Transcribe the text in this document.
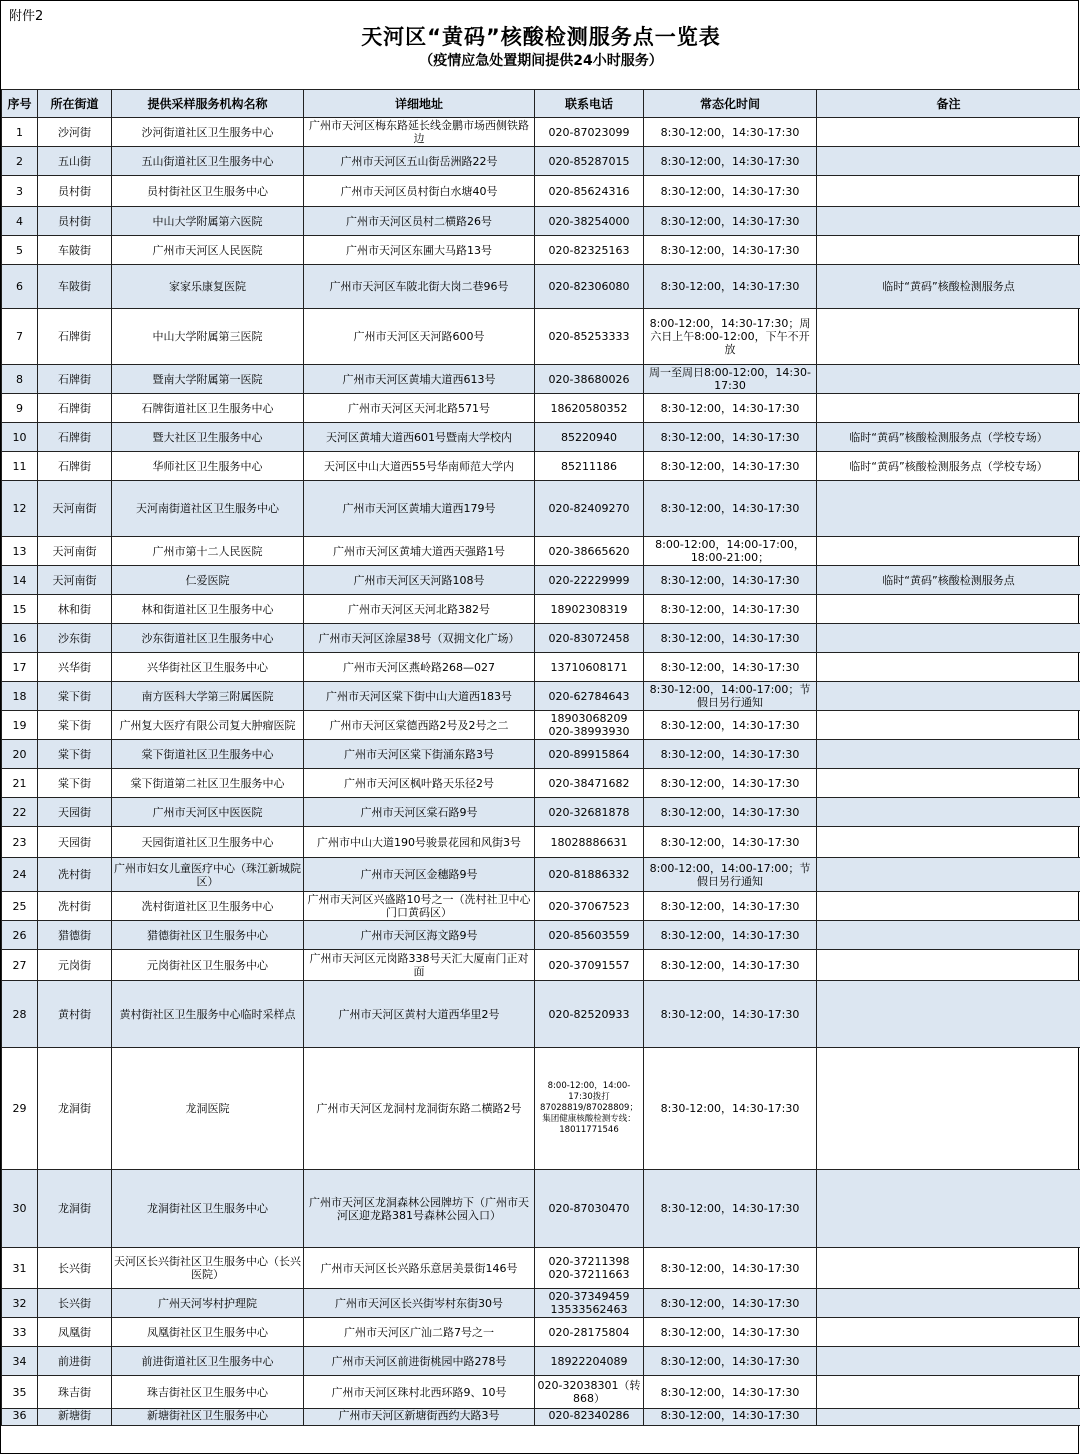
附件2
天河区“黄码”核酸检测服务点一览表
（疫情应急处置期间提供24小时服务）
序号	所在街道	提供采样服务机构名称	详细地址	联系电话	常态化时间	备注
1	沙河街	沙河街道社区卫生服务中心	广州市天河区梅东路延长线金鹏市场西侧铁路边	020-87023099	8:30-12:00，14:30-17:30	
2	五山街	五山街道社区卫生服务中心	广州市天河区五山街岳洲路22号	020-85287015	8:30-12:00，14:30-17:30	
3	员村街	员村街社区卫生服务中心	广州市天河区员村街白水塘40号	020-85624316	8:30-12:00，14:30-17:30	
4	员村街	中山大学附属第六医院	广州市天河区员村二横路26号	020-38254000	8:30-12:00，14:30-17:30	
5	车陂街	广州市天河区人民医院	广州市天河区东圃大马路13号	020-82325163	8:30-12:00，14:30-17:30	
6	车陂街	家家乐康复医院	广州市天河区车陂北街大岗二巷96号	020-82306080	8:30-12:00，14:30-17:30	临时“黄码”核酸检测服务点
7	石牌街	中山大学附属第三医院	广州市天河区天河路600号	020-85253333	8:00-12:00，14:30-17:30；周六日上午8:00-12:00，下午不开放	
8	石牌街	暨南大学附属第一医院	广州市天河区黄埔大道西613号	020-38680026	周一至周日8:00-12:00，14:30-17:30	
9	石牌街	石牌街道社区卫生服务中心	广州市天河区天河北路571号	18620580352	8:30-12:00，14:30-17:30	
10	石牌街	暨大社区卫生服务中心	天河区黄埔大道西601号暨南大学校内	85220940	8:30-12:00，14:30-17:30	临时“黄码”核酸检测服务点（学校专场）
11	石牌街	华师社区卫生服务中心	天河区中山大道西55号华南师范大学内	85211186	8:30-12:00，14:30-17:30	临时“黄码”核酸检测服务点（学校专场）
12	天河南街	天河南街道社区卫生服务中心	广州市天河区黄埔大道西179号	020-82409270	8:30-12:00，14:30-17:30	
13	天河南街	广州市第十二人民医院	广州市天河区黄埔大道西天强路1号	020-38665620	8:00-12:00，14:00-17:00，18:00-21:00；	
14	天河南街	仁爱医院	广州市天河区天河路108号	020-22229999	8:30-12:00，14:30-17:30	临时“黄码”核酸检测服务点
15	林和街	林和街道社区卫生服务中心	广州市天河区天河北路382号	18902308319	8:30-12:00，14:30-17:30	
16	沙东街	沙东街道社区卫生服务中心	广州市天河区涂屋38号（双拥文化广场）	020-83072458	8:30-12:00，14:30-17:30	
17	兴华街	兴华街社区卫生服务中心	广州市天河区燕岭路268—027	13710608171	8:30-12:00，14:30-17:30	
18	棠下街	南方医科大学第三附属医院	广州市天河区棠下街中山大道西183号	020-62784643	8:30-12:00，14:00-17:00；节假日另行通知	
19	棠下街	广州复大医疗有限公司复大肿瘤医院	广州市天河区棠德西路2号及2号之二	18903068209 020-38993930	8:30-12:00，14:30-17:30	
20	棠下街	棠下街道社区卫生服务中心	广州市天河区棠下街涌东路3号	020-89915864	8:30-12:00，14:30-17:30	
21	棠下街	棠下街道第二社区卫生服务中心	广州市天河区枫叶路天乐径2号	020-38471682	8:30-12:00，14:30-17:30	
22	天园街	广州市天河区中医医院	广州市天河区棠石路9号	020-32681878	8:30-12:00，14:30-17:30	
23	天园街	天园街道社区卫生服务中心	广州市中山大道190号骏景花园和风街3号	18028886631	8:30-12:00，14:30-17:30	
24	冼村街	广州市妇女儿童医疗中心（珠江新城院区）	广州市天河区金穗路9号	020-81886332	8:00-12:00，14:00-17:00；节假日另行通知	
25	冼村街	冼村街道社区卫生服务中心	广州市天河区兴盛路10号之一（冼村社卫中心门口黄码区）	020-37067523	8:30-12:00，14:30-17:30	
26	猎德街	猎德街社区卫生服务中心	广州市天河区海文路9号	020-85603559	8:30-12:00，14:30-17:30	
27	元岗街	元岗街社区卫生服务中心	广州市天河区元岗路338号天汇大厦南门正对面	020-37091557	8:30-12:00，14:30-17:30	
28	黄村街	黄村街社区卫生服务中心临时采样点	广州市天河区黄村大道西华里2号	020-82520933	8:30-12:00，14:30-17:30	
29	龙洞街	龙洞医院	广州市天河区龙洞村龙洞街东路二横路2号	8:00-12:00，14:00-17:30拨打87028819/87028809；集团健康核酸检测专线：18011771546	8:30-12:00，14:30-17:30	
30	龙洞街	龙洞街社区卫生服务中心	广州市天河区龙洞森林公园牌坊下（广州市天河区迎龙路381号森林公园入口）	020-87030470	8:30-12:00，14:30-17:30	
31	长兴街	天河区长兴街社区卫生服务中心（长兴医院）	广州市天河区长兴路乐意居美景街146号	020-37211398 020-37211663	8:30-12:00，14:30-17:30	
32	长兴街	广州天河岑村护理院	广州市天河区长兴街岑村东街30号	020-37349459 13533562463	8:30-12:00，14:30-17:30	
33	凤凰街	凤凰街社区卫生服务中心	广州市天河区广汕二路7号之一	020-28175804	8:30-12:00，14:30-17:30	
34	前进街	前进街道社区卫生服务中心	广州市天河区前进街桃园中路278号	18922204089	8:30-12:00，14:30-17:30	
35	珠吉街	珠吉街社区卫生服务中心	广州市天河区珠村北西环路9、10号	020-32038301（转868）	8:30-12:00，14:30-17:30	
36	新塘街	新塘街社区卫生服务中心	广州市天河区新塘街西约大路3号	020-82340286	8:30-12:00，14:30-17:30	
